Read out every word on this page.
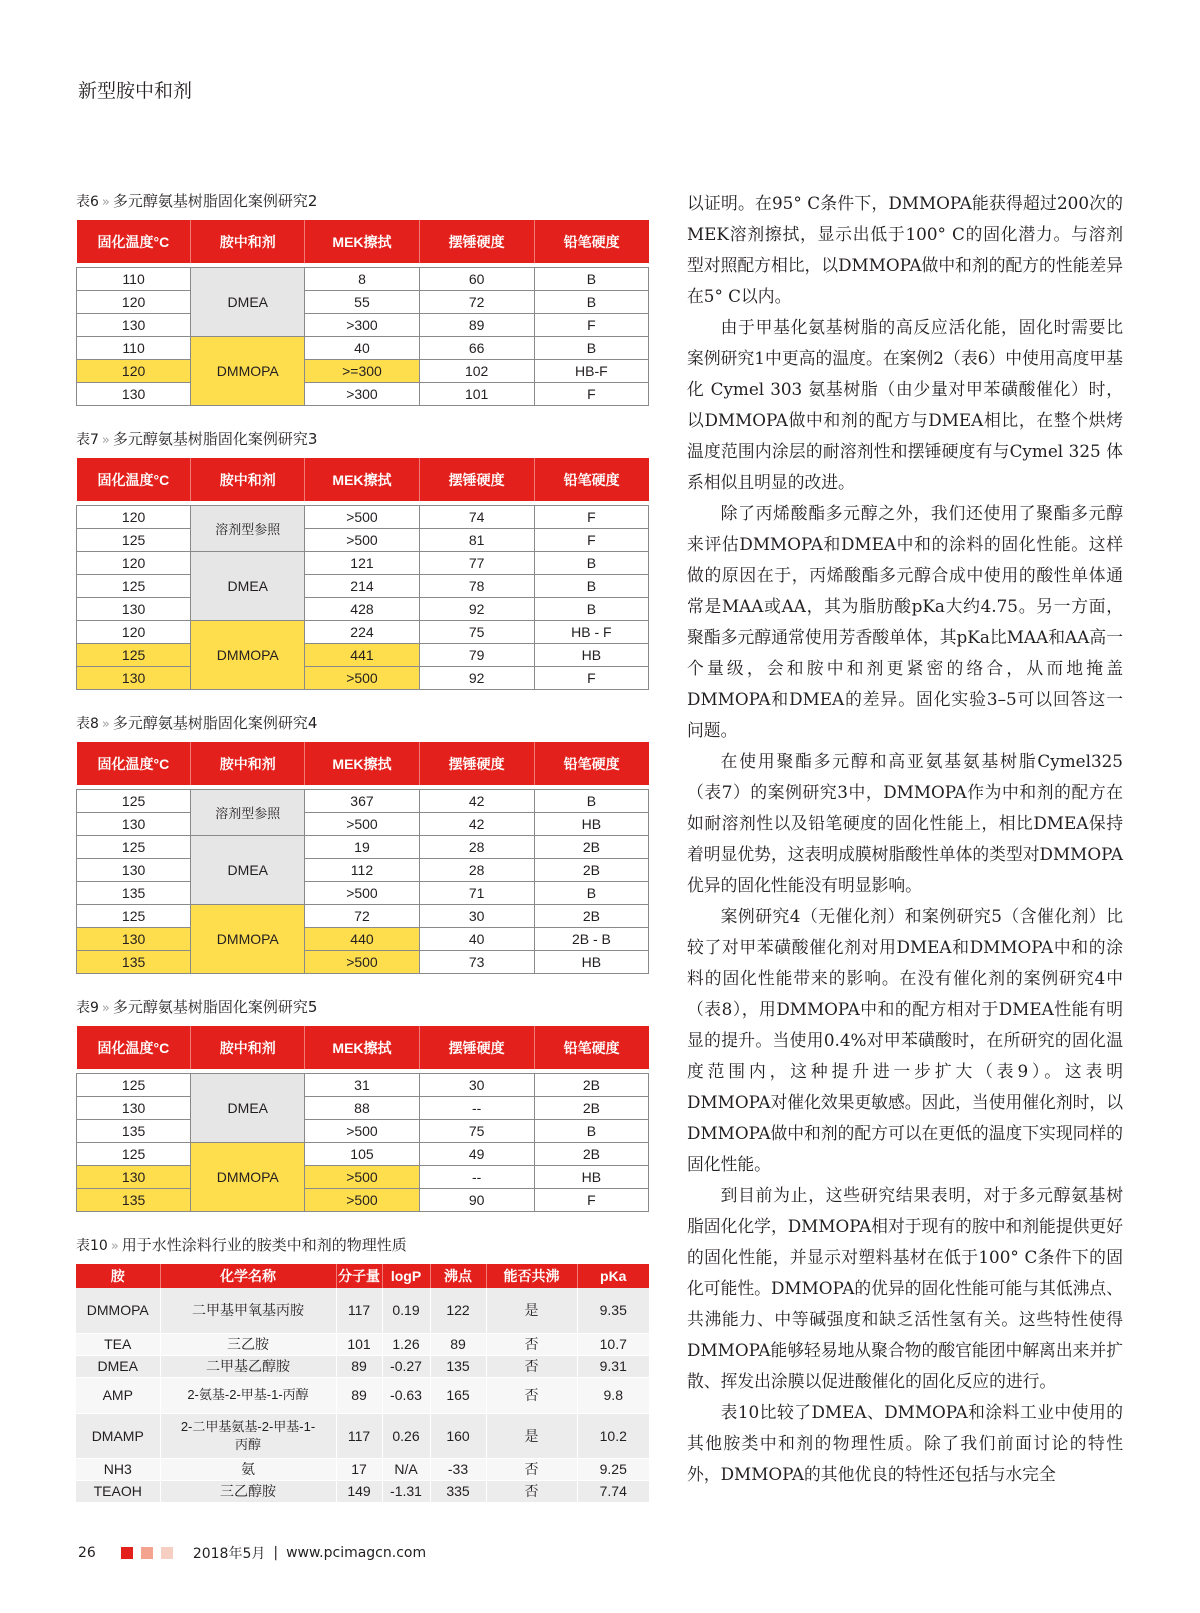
新型胺中和剂
表6 » 多元醇氨基树脂固化案例研究2
固化温度°C	胺中和剂	MEK擦拭	摆锤硬度	铅笔硬度

110	DMEA	8	60	B
120		55	72	B
130		>300	89	F
110	DMMOPA	40	66	B
120		>=300	102	HB-F
130		>300	101	F
表7 » 多元醇氨基树脂固化案例研究3
固化温度°C	胺中和剂	MEK擦拭	摆锤硬度	铅笔硬度

120	溶剂型参照	>500	74	F
125		>500	81	F
120	DMEA	121	77	B
125		214	78	B
130		428	92	B
120	DMMOPA	224	75	HB - F
125		441	79	HB
130		>500	92	F
表8 » 多元醇氨基树脂固化案例研究4
固化温度°C	胺中和剂	MEK擦拭	摆锤硬度	铅笔硬度

125	溶剂型参照	367	42	B
130		>500	42	HB
125	DMEA	19	28	2B
130		112	28	2B
135		>500	71	B
125	DMMOPA	72	30	2B
130		440	40	2B - B
135		>500	73	HB
表9 » 多元醇氨基树脂固化案例研究5
固化温度°C	胺中和剂	MEK擦拭	摆锤硬度	铅笔硬度

125	DMEA	31	30	2B
130		88	--	2B
135		>500	75	B
125	DMMOPA	105	49	2B
130		>500	--	HB
135		>500	90	F
表10 » 用于水性涂料行业的胺类中和剂的物理性质
胺	化学名称	分子量	logP	沸点	能否共沸	pKa
DMMOPA	二甲基甲氧基丙胺	117	0.19	122	是	9.35
TEA	三乙胺	101	1.26	89	否	10.7
DMEA	二甲基乙醇胺	89	-0.27	135	否	9.31
AMP	2-氨基-2-甲基-1-丙醇	89	-0.63	165	否	9.8
DMAMP	2-二甲基氨基-2-甲基-1-丙醇	117	0.26	160	是	10.2
NH3	氨	17	N/A	-33	否	9.25
TEAOH	三乙醇胺	149	-1.31	335	否	7.74

以证明。在95° C条件下，DMMOPA能获得超过200次的MEK溶剂擦拭，显示出低于100° C的固化潜力。与溶剂型对照配方相比，以DMMOPA做中和剂的配方的性能差异在5° C以内。

由于甲基化氨基树脂的高反应活化能，固化时需要比案例研究1中更高的温度。在案例2（表6）中使用高度甲基化 Cymel 303 氨基树脂（由少量对甲苯磺酸催化）时，以DMMOPA做中和剂的配方与DMEA相比，在整个烘烤温度范围内涂层的耐溶剂性和摆锤硬度有与Cymel 325 体系相似且明显的改进。

除了丙烯酸酯多元醇之外，我们还使用了聚酯多元醇来评估DMMOPA和DMEA中和的涂料的固化性能。这样做的原因在于，丙烯酸酯多元醇合成中使用的酸性单体通常是MAA或AA，其为脂肪酸pKa大约4.75。另一方面，聚酯多元醇通常使用芳香酸单体，其pKa比MAA和AA高一个量级，会和胺中和剂更紧密的络合，从而地掩盖DMMOPA和DMEA的差异。固化实验3–5可以回答这一问题。

在使用聚酯多元醇和高亚氨基氨基树脂Cymel325（表7）的案例研究3中，DMMOPA作为中和剂的配方在如耐溶剂性以及铅笔硬度的固化性能上，相比DMEA保持着明显优势，这表明成膜树脂酸性单体的类型对DMMOPA优异的固化性能没有明显影响。

案例研究4（无催化剂）和案例研究5（含催化剂）比较了对甲苯磺酸催化剂对用DMEA和DMMOPA中和的涂料的固化性能带来的影响。在没有催化剂的案例研究4中（表8），用DMMOPA中和的配方相对于DMEA性能有明显的提升。当使用0.4%对甲苯磺酸时，在所研究的固化温度范围内，这种提升进一步扩大（表9）。这表明DMMOPA对催化效果更敏感。因此，当使用催化剂时，以DMMOPA做中和剂的配方可以在更低的温度下实现同样的固化性能。

到目前为止，这些研究结果表明，对于多元醇氨基树脂固化化学，DMMOPA相对于现有的胺中和剂能提供更好的固化性能，并显示对塑料基材在低于100° C条件下的固化可能性。DMMOPA的优异的固化性能可能与其低沸点、共沸能力、中等碱强度和缺乏活性氢有关。这些特性使得DMMOPA能够轻易地从聚合物的酸官能团中解离出来并扩散、挥发出涂膜以促进酸催化的固化反应的进行。

表10比较了DMEA、DMMOPA和涂料工业中使用的其他胺类中和剂的物理性质。除了我们前面讨论的特性外，DMMOPA的其他优良的特性还包括与水完全

26	2018年5月 | www.pcimagcn.com
